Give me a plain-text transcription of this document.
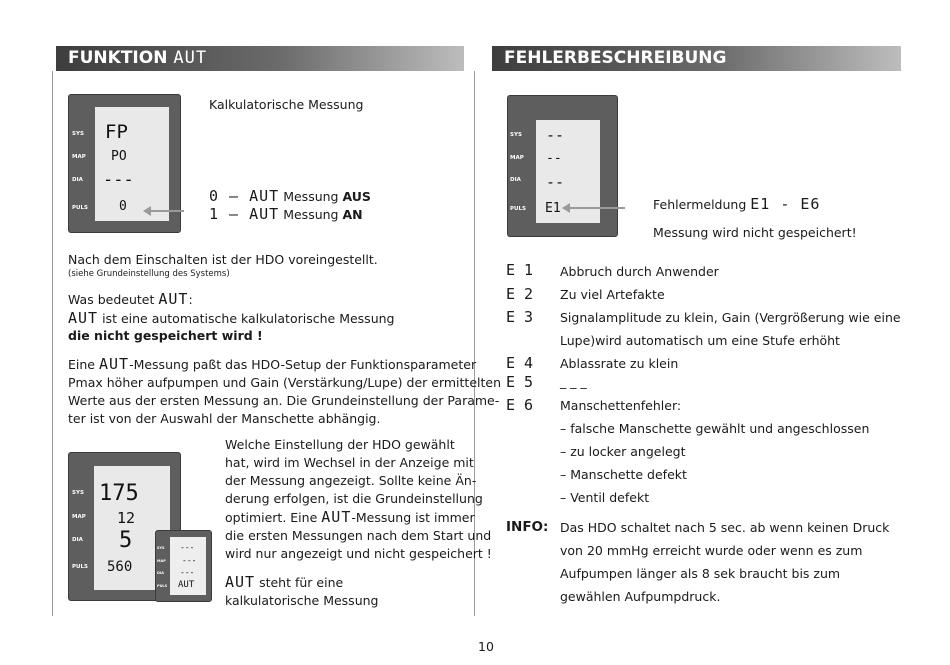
FUNKTION AUT	FEHLERBESCHREIBUNG
SYS
MAP
DIA
PULS
FP
PO
---
0
Kalkulatorische Messung
0 – AUT Messung AUS
1 – AUT Messung AN
Nach dem Einschalten ist der HDO voreingestellt.
(siehe Grundeinstellung des Systems)
Was bedeutet AUT:
AUT ist eine automatische kalkulatorische Messung
die nicht gespeichert wird !
Eine AUT-Messung paßt das HDO-Setup der Funktionsparameter
Pmax höher aufpumpen und Gain (Verstärkung/Lupe) der ermittelten
Werte aus der ersten Messung an. Die Grundeinstellung der Parame-
ter ist von der Auswahl der Manschette abhängig.
SYS
MAP
DIA
PULS
175
12
5
560
SYS
MAP
DIA
PULS
---
---
---
AUT
Welche Einstellung der HDO gewählt
hat, wird im Wechsel in der Anzeige mit
der Messung angezeigt. Sollte keine Än-
derung erfolgen, ist die Grundeinstellung
optimiert. Eine AUT-Messung ist immer
die ersten Messungen nach dem Start und
wird nur angezeigt und nicht gespeichert !
AUT steht für eine
kalkulatorische Messung
SYS
MAP
DIA
PULS
--
--
--
E1	Fehlermeldung E1 - E6
Messung wird nicht gespeichert!
E 1	Abbruch durch Anwender
E 2	Zu viel Artefakte
E 3	Signalamplitude zu klein, Gain (Vergrößerung wie eine
Lupe)wird automatisch um eine Stufe erhöht
E 4	Ablassrate zu klein
E 5	_ _ _
E 6	Manschettenfehler:
– falsche Manschette gewählt und angeschlossen
– zu locker angelegt
– Manschette defekt
– Ventil defekt
INFO: Das HDO schaltet nach 5 sec. ab wenn keinen Druck
von 20 mmHg erreicht wurde oder wenn es zum
Aufpumpen länger als 8 sek braucht bis zum
gewählen Aufpumpdruck.
10
